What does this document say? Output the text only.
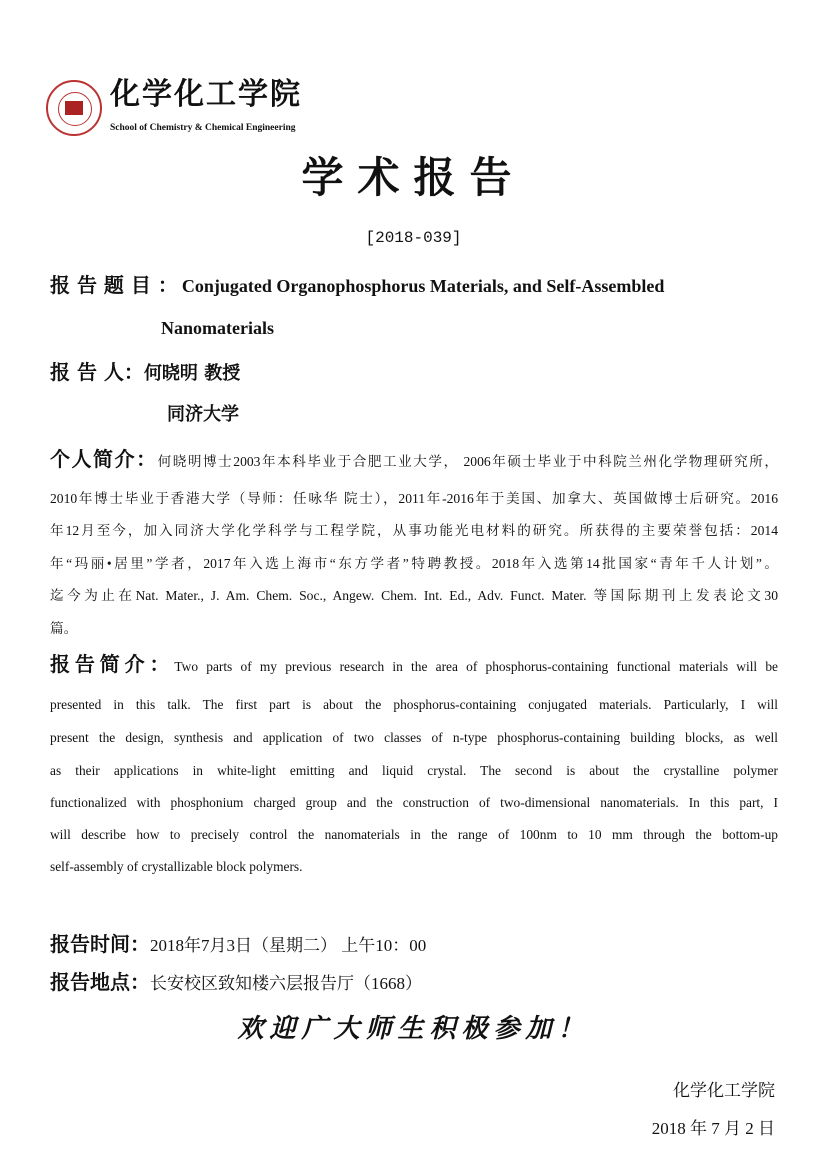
化学化工学院
School of Chemistry & Chemical Engineering
学术报告
[2018-039]
报 告 题 目 ： Conjugated Organophosphorus Materials, and Self-Assembled
Nanomaterials
报 告 人：何晓明 教授
同济大学
个人简介：何晓明博士2003年本科毕业于合肥工业大学， 2006年硕士毕业于中科院兰州化学物理研究所，
2010年博士毕业于香港大学（导师：任咏华 院士），2011年-2016年于美国、加拿大、英国做博士后研究。2016
年12月至今，加入同济大学化学科学与工程学院，从事功能光电材料的研究。所获得的主要荣誉包括：2014
年“玛丽•居里”学者，2017年入选上海市“东方学者”特聘教授。2018年入选第14批国家“青年千人计划”。
迄今为止在Nat. Mater., J. Am. Chem. Soc., Angew. Chem. Int. Ed., Adv. Funct. Mater. 等国际期刊上发表论文30
篇。
报告简介：Two parts of my previous research in the area of phosphorus-containing functional materials will be
presented in this talk. The first part is about the phosphorus-containing conjugated materials. Particularly, I will
present the design, synthesis and application of two classes of n-type phosphorus-containing building blocks, as well
as their applications in white-light emitting and liquid crystal. The second is about the crystalline polymer
functionalized with phosphonium charged group and the construction of two-dimensional nanomaterials. In this part, I
will describe how to precisely control the nanomaterials in the range of 100nm to 10 mm through the bottom-up
self-assembly of crystallizable block polymers.
报告时间：2018年7月3日（星期二） 上午10：00
报告地点：长安校区致知楼六层报告厅（1668）
欢迎广大师生积极参加！
化学化工学院
2018 年 7 月 2 日
